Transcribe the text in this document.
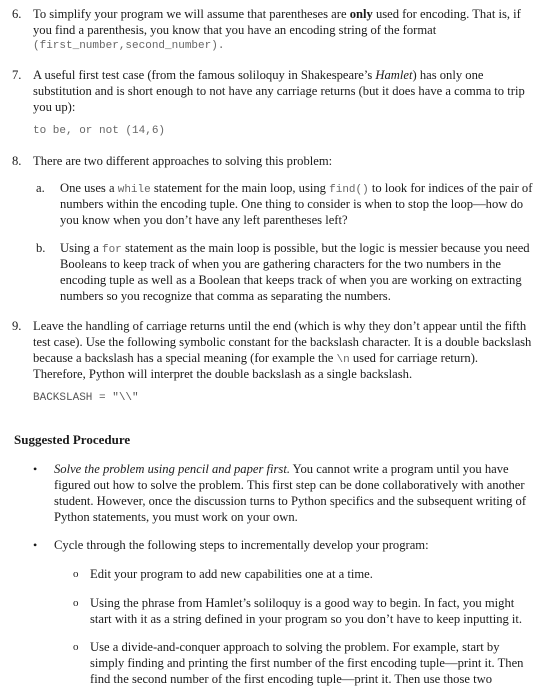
6. To simplify your program we will assume that parentheses are only used for encoding. That is, if
you find a parenthesis, you know that you have an encoding string of the format
(first_number,second_number).
7. A useful first test case (from the famous soliloquy in Shakespeare’s Hamlet) has only one
substitution and is short enough to not have any carriage returns (but it does have a comma to trip
you up):
to be, or not (14,6)
8. There are two different approaches to solving this problem:
a. One uses a while statement for the main loop, using find() to look for indices of the pair of
numbers within the encoding tuple. One thing to consider is when to stop the loop—how do
you know when you don’t have any left parentheses left?
b. Using a for statement as the main loop is possible, but the logic is messier because you need
Booleans to keep track of when you are gathering characters for the two numbers in the
encoding tuple as well as a Boolean that keeps track of when you are working on extracting
numbers so you recognize that comma as separating the numbers.
9. Leave the handling of carriage returns until the end (which is why they don’t appear until the fifth
test case). Use the following symbolic constant for the backslash character. It is a double backslash
because a backslash has a special meaning (for example the \n used for carriage return).
Therefore, Python will interpret the double backslash as a single backslash.
BACKSLASH = "\\"
Suggested Procedure
• Solve the problem using pencil and paper first. You cannot write a program until you have
figured out how to solve the problem. This first step can be done collaboratively with another
student. However, once the discussion turns to Python specifics and the subsequent writing of
Python statements, you must work on your own.
• Cycle through the following steps to incrementally develop your program:
o Edit your program to add new capabilities one at a time.
o Using the phrase from Hamlet’s soliloquy is a good way to begin. In fact, you might
start with it as a string defined in your program so you don’t have to keep inputting it.
o Use a divide-and-conquer approach to solving the problem. For example, start by
simply finding and printing the first number of the first encoding tuple—print it. Then
find the second number of the first encoding tuple—print it. Then use those two
